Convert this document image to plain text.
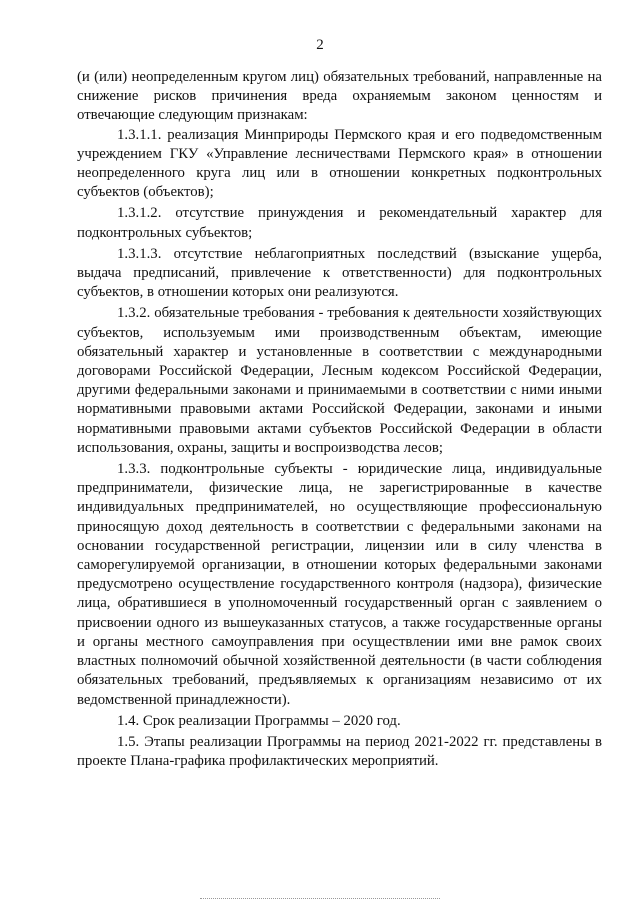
2

(и (или) неопределенным кругом лиц) обязательных требований, направленные на снижение рисков причинения вреда охраняемым законом ценностям и отвечающие следующим признакам:

1.3.1.1. реализация Минприроды Пермского края и его подведомственным учреждением ГКУ «Управление лесничествами Пермского края» в отношении неопределенного круга лиц или в отношении конкретных подконтрольных субъектов (объектов);

1.3.1.2. отсутствие принуждения и рекомендательный характер для подконтрольных субъектов;

1.3.1.3. отсутствие неблагоприятных последствий (взыскание ущерба, выдача предписаний, привлечение к ответственности) для подконтрольных субъектов, в отношении которых они реализуются.

1.3.2. обязательные требования - требования к деятельности хозяйствующих субъектов, используемым ими производственным объектам, имеющие обязательный характер и установленные в соответствии с международными договорами Российской Федерации, Лесным кодексом Российской Федерации, другими федеральными законами и принимаемыми в соответствии с ними иными нормативными правовыми актами Российской Федерации, законами и иными нормативными правовыми актами субъектов Российской Федерации в области использования, охраны, защиты и воспроизводства лесов;

1.3.3. подконтрольные субъекты - юридические лица, индивидуальные предприниматели, физические лица, не зарегистрированные в качестве индивидуальных предпринимателей, но осуществляющие профессиональную приносящую доход деятельность в соответствии с федеральными законами на основании государственной регистрации, лицензии или в силу членства в саморегулируемой организации, в отношении которых федеральными законами предусмотрено осуществление государственного контроля (надзора), физические лица, обратившиеся в уполномоченный государственный орган с заявлением о присвоении одного из вышеуказанных статусов, а также государственные органы и органы местного самоуправления при осуществлении ими вне рамок своих властных полномочий обычной хозяйственной деятельности (в части соблюдения обязательных требований, предъявляемых к организациям независимо от их ведомственной принадлежности).

1.4. Срок реализации Программы – 2020 год.

1.5. Этапы реализации Программы на период 2021-2022 гг. представлены в проекте Плана-графика профилактических мероприятий.
